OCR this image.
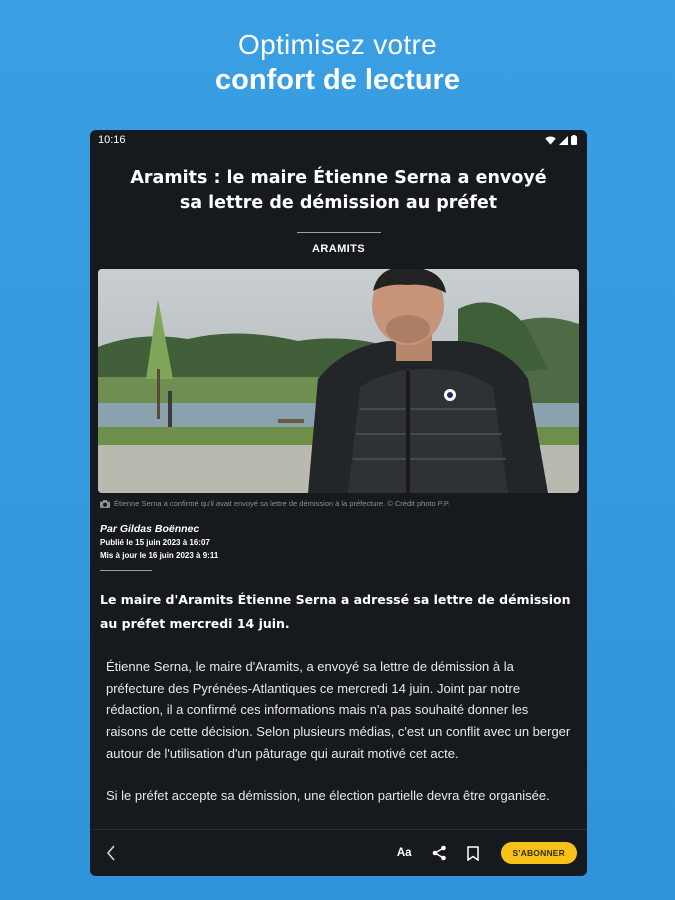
Optimisez votre
confort de lecture
10:16
Aramits : le maire Étienne Serna a envoyé sa lettre de démission au préfet
ARAMITS
Étienne Serna a confirmé qu'il avait envoyé sa lettre de démission à la préfecture. © Crédit photo P.P.
Par Gildas Boënnec
Publié le 15 juin 2023 à 16:07
Mis à jour le 16 juin 2023 à 9:11
Le maire d'Aramits Étienne Serna a adressé sa lettre de démission au préfet mercredi 14 juin.

Étienne Serna, le maire d'Aramits, a envoyé sa lettre de démission à la préfecture des Pyrénées-Atlantiques ce mercredi 14 juin. Joint par notre rédaction, il a confirmé ces informations mais n'a pas souhaité donner les raisons de cette décision. Selon plusieurs médias, c'est un conflit avec un berger autour de l'utilisation d'un pâturage qui aurait motivé cet acte.

Si le préfet accepte sa démission, une élection partielle devra être organisée.

Aa	S'ABONNER
